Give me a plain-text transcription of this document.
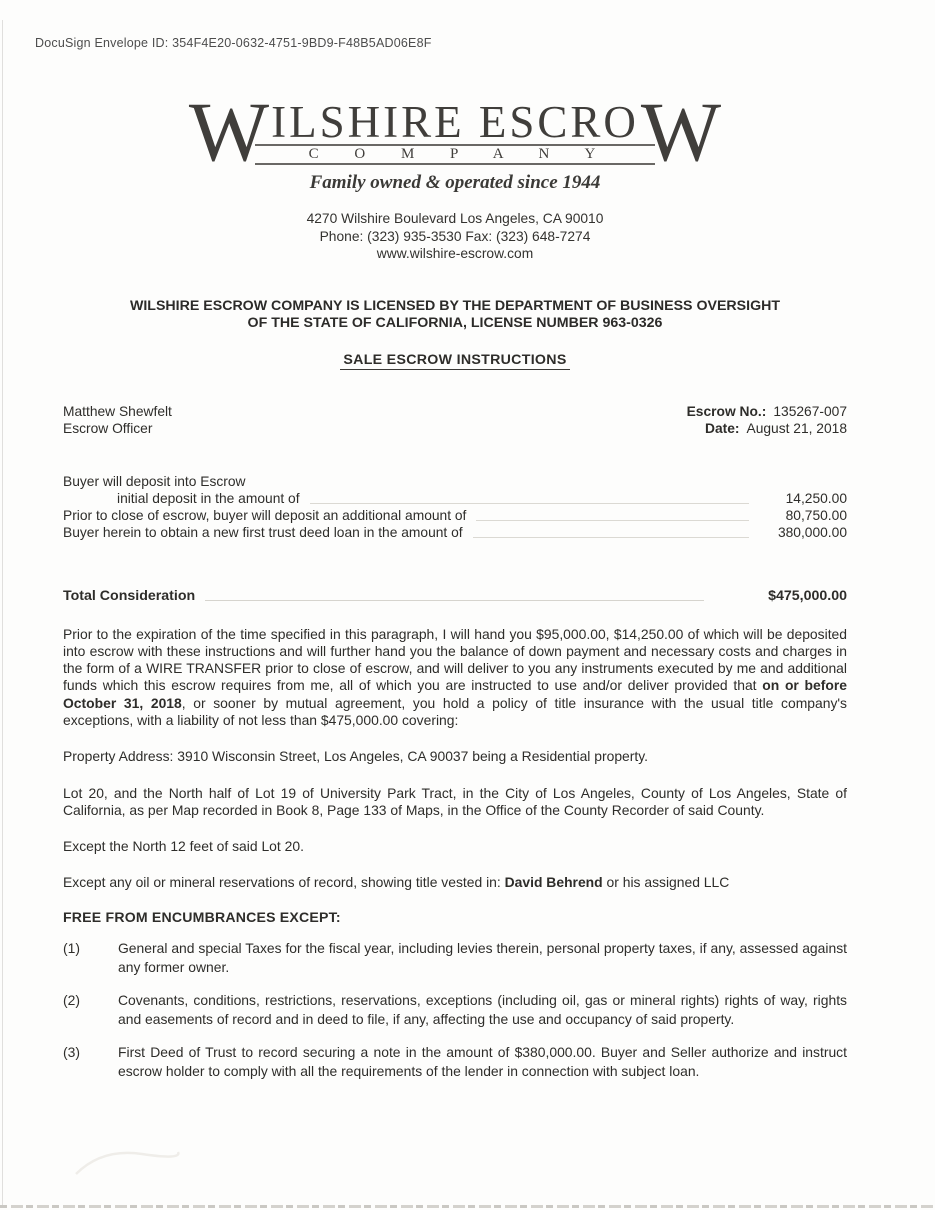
DocuSign Envelope ID: 354F4E20-0632-4751-9BD9-F48B5AD06E8F
W ILSHIRE ESCRO
C O M P A N Y W
Family owned & operated since 1944
4270 Wilshire Boulevard Los Angeles, CA 90010
Phone: (323) 935-3530 Fax: (323) 648-7274
www.wilshire-escrow.com
WILSHIRE ESCROW COMPANY IS LICENSED BY THE DEPARTMENT OF BUSINESS OVERSIGHT
OF THE STATE OF CALIFORNIA, LICENSE NUMBER 963-0326
SALE ESCROW INSTRUCTIONS
Matthew Shewfelt
Escrow Officer
Escrow No.: 135267-007
Date: August 21, 2018
Buyer will deposit into Escrow
initial deposit in the amount of	14,250.00
Prior to close of escrow, buyer will deposit an additional amount of	80,750.00
Buyer herein to obtain a new first trust deed loan in the amount of	380,000.00
Total Consideration	$475,000.00
Prior to the expiration of the time specified in this paragraph, I will hand you $95,000.00, $14,250.00 of which will be deposited into escrow with these instructions and will further hand you the balance of down payment and necessary costs and charges in the form of a WIRE TRANSFER prior to close of escrow, and will deliver to you any instruments executed by me and additional funds which this escrow requires from me, all of which you are instructed to use and/or deliver provided that on or before October 31, 2018, or sooner by mutual agreement, you hold a policy of title insurance with the usual title company's exceptions, with a liability of not less than $475,000.00 covering:
Property Address: 3910 Wisconsin Street, Los Angeles, CA 90037 being a Residential property.
Lot 20, and the North half of Lot 19 of University Park Tract, in the City of Los Angeles, County of Los Angeles, State of California, as per Map recorded in Book 8, Page 133 of Maps, in the Office of the County Recorder of said County.
Except the North 12 feet of said Lot 20.
Except any oil or mineral reservations of record, showing title vested in: David Behrend or his assigned LLC
FREE FROM ENCUMBRANCES EXCEPT:
(1)	General and special Taxes for the fiscal year, including levies therein, personal property taxes, if any, assessed against any former owner.
(2)	Covenants, conditions, restrictions, reservations, exceptions (including oil, gas or mineral rights) rights of way, rights and easements of record and in deed to file, if any, affecting the use and occupancy of said property.
(3)	First Deed of Trust to record securing a note in the amount of $380,000.00. Buyer and Seller authorize and instruct escrow holder to comply with all the requirements of the lender in connection with subject loan.
